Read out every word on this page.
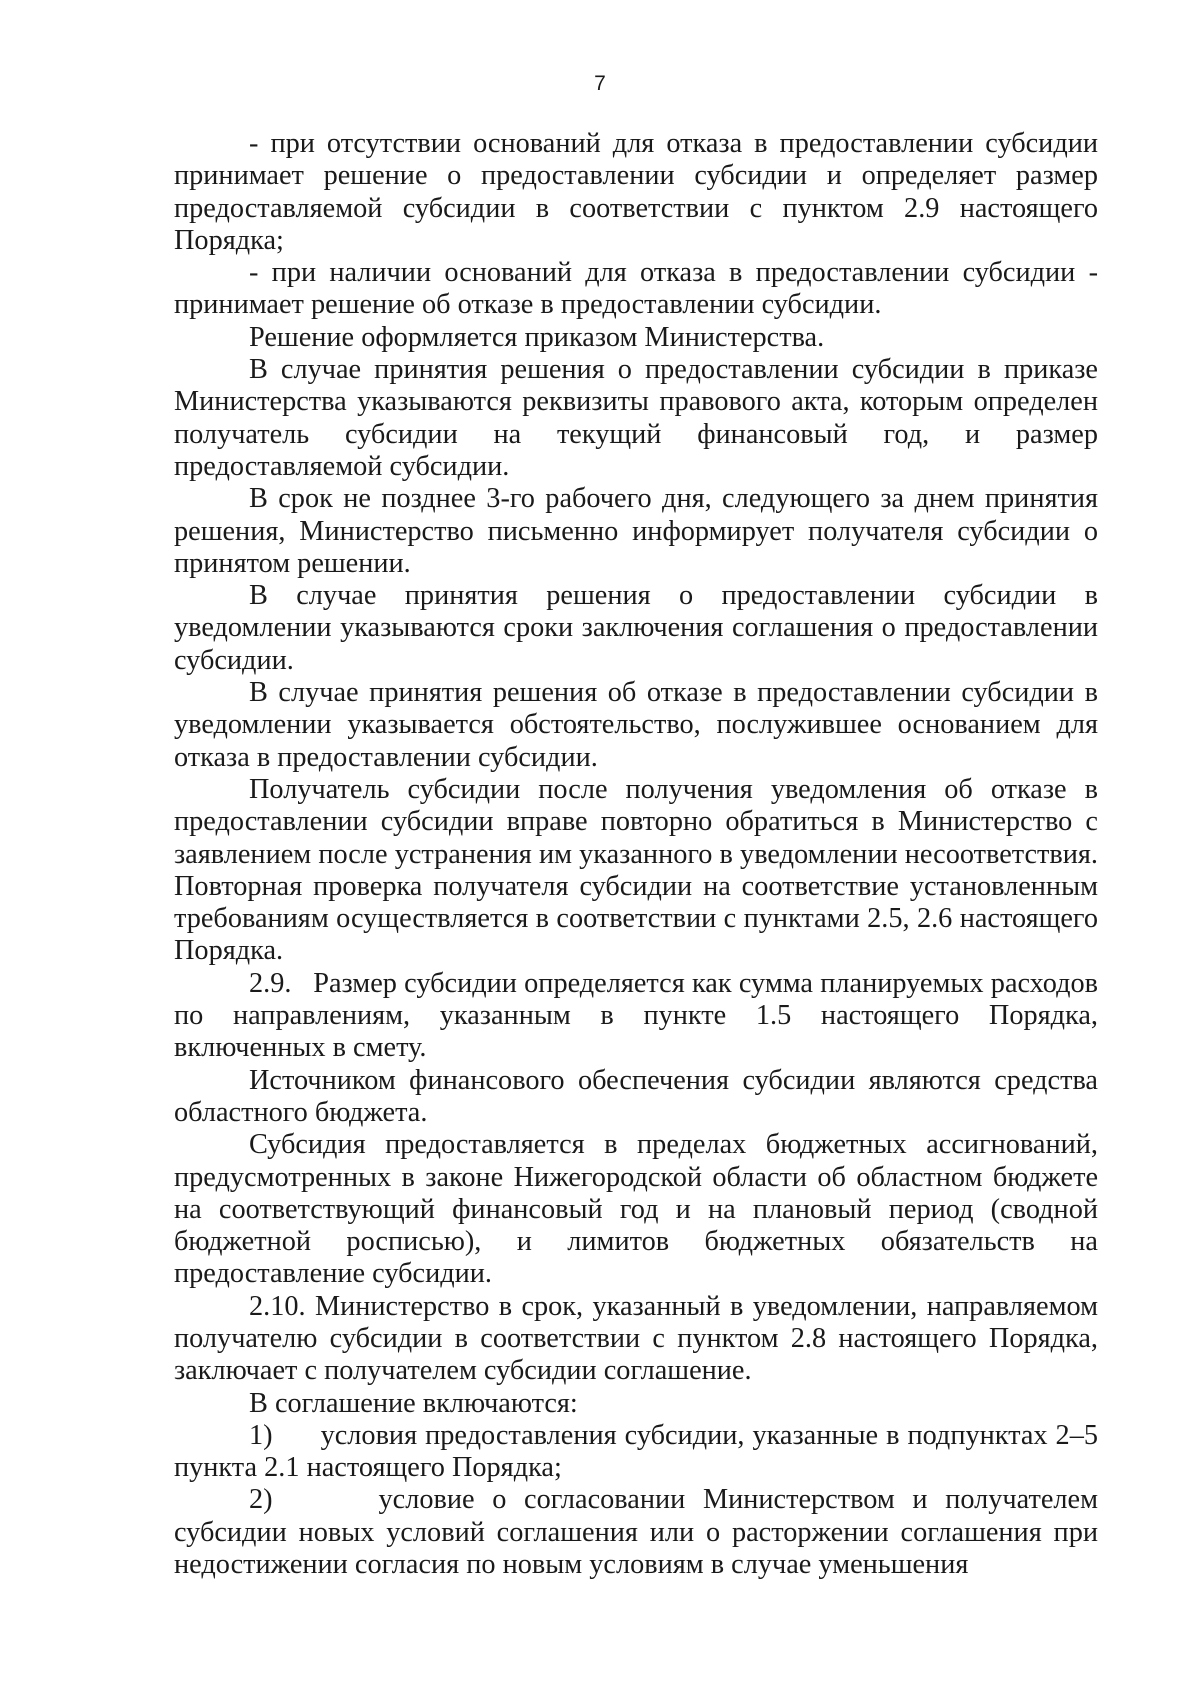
7

- при отсутствии оснований для отказа в предоставлении субсидии принимает решение о предоставлении субсидии и определяет размер предоставляемой субсидии в соответствии с пунктом 2.9 настоящего Порядка;

- при наличии оснований для отказа в предоставлении субсидии - принимает решение об отказе в предоставлении субсидии.

Решение оформляется приказом Министерства.

В случае принятия решения о предоставлении субсидии в приказе Министерства указываются реквизиты правового акта, которым определен получатель субсидии на текущий финансовый год, и размер предоставляемой субсидии.

В срок не позднее 3-го рабочего дня, следующего за днем принятия решения, Министерство письменно информирует получателя субсидии о принятом решении.

В случае принятия решения о предоставлении субсидии в уведомлении указываются сроки заключения соглашения о предоставлении субсидии.

В случае принятия решения об отказе в предоставлении субсидии в уведомлении указывается обстоятельство, послужившее основанием для отказа в предоставлении субсидии.

Получатель субсидии после получения уведомления об отказе в предоставлении субсидии вправе повторно обратиться в Министерство с заявлением после устранения им указанного в уведомлении несоответствия. Повторная проверка получателя субсидии на соответствие установленным требованиям осуществляется в соответствии с пунктами 2.5, 2.6 настоящего Порядка.

2.9.   Размер субсидии определяется как сумма планируемых расходов по направлениям, указанным в пункте 1.5 настоящего Порядка, включенных в смету.

Источником финансового обеспечения субсидии являются средства областного бюджета.

Субсидия предоставляется в пределах бюджетных ассигнований, предусмотренных в законе Нижегородской области об областном бюджете на соответствующий финансовый год и на плановый период (сводной бюджетной росписью), и лимитов бюджетных обязательств на предоставление субсидии.

2.10. Министерство в срок, указанный в уведомлении, направляемом получателю субсидии в соответствии с пунктом 2.8 настоящего Порядка, заключает с получателем субсидии соглашение.

В соглашение включаются:

1)      условия предоставления субсидии, указанные в подпунктах 2–5 пункта 2.1 настоящего Порядка;

2)      условие о согласовании Министерством и получателем субсидии новых условий соглашения или о расторжении соглашения при недостижении согласия по новым условиям в случае уменьшения
